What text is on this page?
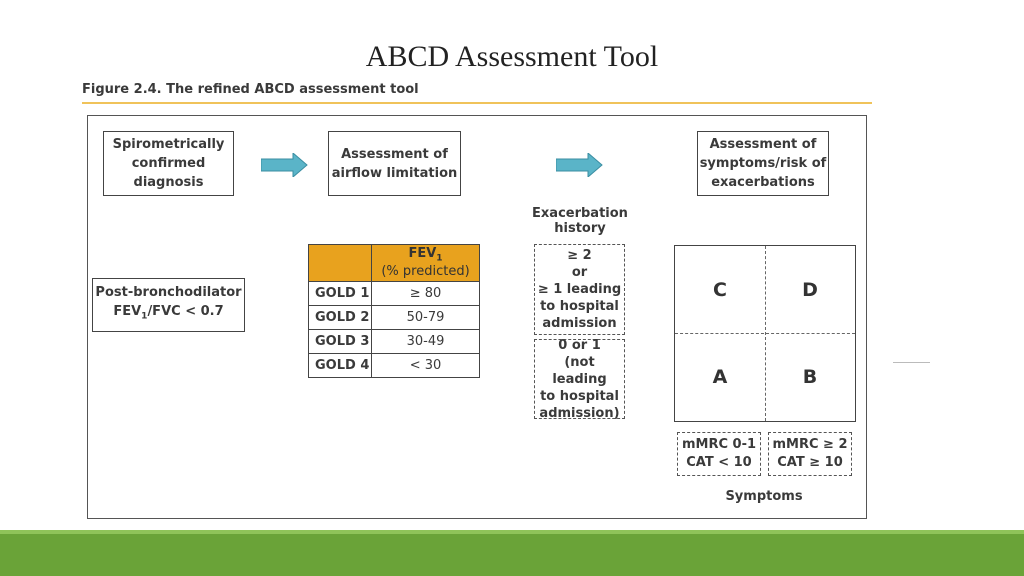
ABCD Assessment Tool
Figure 2.4. The refined ABCD assessment tool
Spirometrically
confirmed
diagnosis
Assessment of
airflow limitation
Assessment of
symptoms/risk of
exacerbations
Post-bronchodilator
$FEV_1$/FVC < 0.7

	$FEV_1$
(% predicted)

GOLD 1	≥ 80
GOLD 2	50-79
GOLD 3	30-49
GOLD 4	< 30
Exacerbation
history
≥ 2
or
≥ 1 leading
to hospital
admission
0 or 1
(not leading
to hospital
admission)
C	D
A	B
mMRC 0-1
CAT < 10
mMRC ≥ 2
CAT ≥ 10
Symptoms
